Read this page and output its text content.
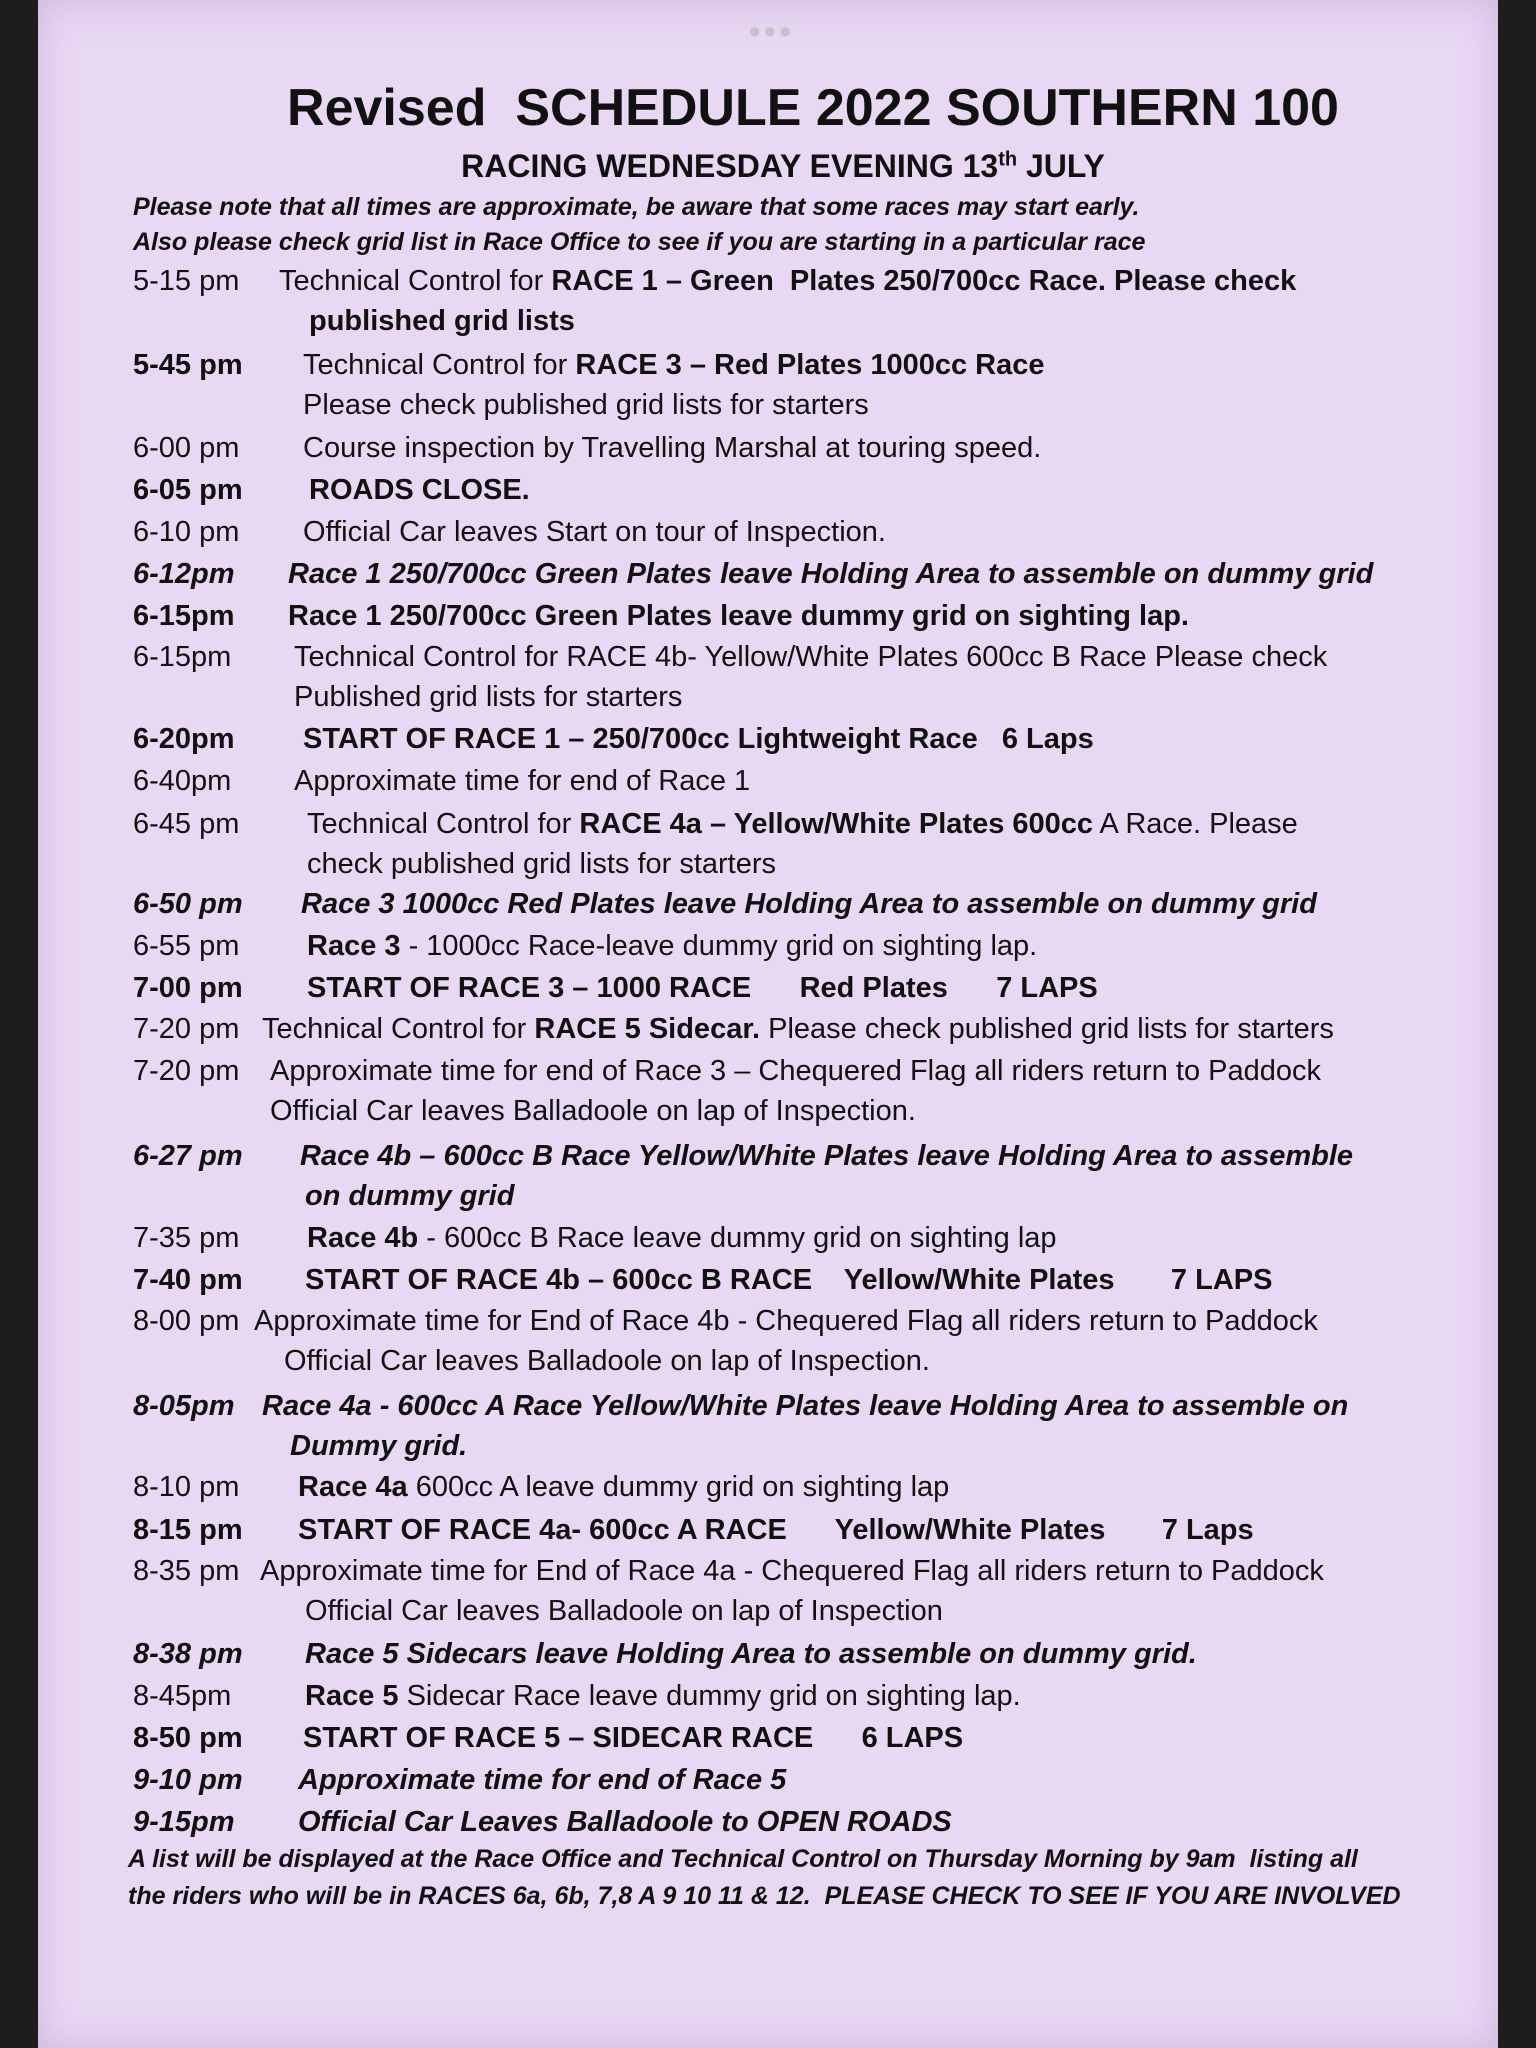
●●●
Revised  SCHEDULE 2022 SOUTHERN 100
RACING WEDNESDAY EVENING 13th JULY
Please note that all times are approximate, be aware that some races may start early.
Also please check grid list in Race Office to see if you are starting in a particular race
5-15 pm Technical Control for RACE 1 – Green  Plates 250/700cc Race. Please check
published grid lists
5-45 pm Technical Control for RACE 3 – Red Plates 1000cc Race
Please check published grid lists for starters
6-00 pm Course inspection by Travelling Marshal at touring speed.
6-05 pm ROADS CLOSE.
6-10 pm Official Car leaves Start on tour of Inspection.
6-12pm Race 1 250/700cc Green Plates leave Holding Area to assemble on dummy grid
6-15pm Race 1 250/700cc Green Plates leave dummy grid on sighting lap.
6-15pm Technical Control for RACE 4b- Yellow/White Plates 600cc B Race Please check
Published grid lists for starters
6-20pm START OF RACE 1 – 250/700cc Lightweight Race   6 Laps
6-40pm Approximate time for end of Race 1
6-45 pm Technical Control for RACE 4a – Yellow/White Plates 600cc A Race. Please
check published grid lists for starters
6-50 pm Race 3 1000cc Red Plates leave Holding Area to assemble on dummy grid
6-55 pm Race 3 - 1000cc Race-leave dummy grid on sighting lap.
7-00 pm START OF RACE 3 – 1000 RACE      Red Plates      7 LAPS
7-20 pm Technical Control for RACE 5 Sidecar. Please check published grid lists for starters
7-20 pm Approximate time for end of Race 3 – Chequered Flag all riders return to Paddock
Official Car leaves Balladoole on lap of Inspection.
6-27 pm Race 4b – 600cc B Race Yellow/White Plates leave Holding Area to assemble
on dummy grid
7-35 pm Race 4b - 600cc B Race leave dummy grid on sighting lap
7-40 pm START OF RACE 4b – 600cc B RACE    Yellow/White Plates       7 LAPS
8-00 pm Approximate time for End of Race 4b - Chequered Flag all riders return to Paddock
Official Car leaves Balladoole on lap of Inspection.
8-05pm Race 4a - 600cc A Race Yellow/White Plates leave Holding Area to assemble on
Dummy grid.
8-10 pm Race 4a 600cc A leave dummy grid on sighting lap
8-15 pm START OF RACE 4a- 600cc A RACE      Yellow/White Plates       7 Laps
8-35 pm Approximate time for End of Race 4a - Chequered Flag all riders return to Paddock
Official Car leaves Balladoole on lap of Inspection
8-38 pm Race 5 Sidecars leave Holding Area to assemble on dummy grid.
8-45pm	Race 5 Sidecar Race leave dummy grid on sighting lap.
8-50 pm START OF RACE 5 – SIDECAR RACE      6 LAPS
9-10 pm Approximate time for end of Race 5
9-15pm Official Car Leaves Balladoole to OPEN ROADS
A list will be displayed at the Race Office and Technical Control on Thursday Morning by 9am  listing all
the riders who will be in RACES 6a, 6b, 7,8 A 9 10 11 & 12.  PLEASE CHECK TO SEE IF YOU ARE INVOLVED
